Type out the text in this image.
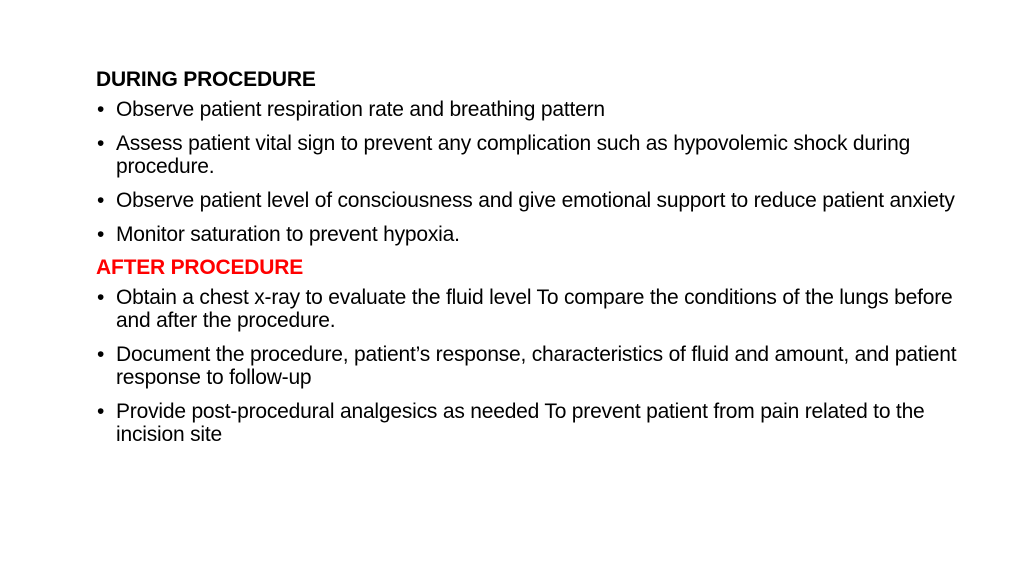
DURING PROCEDURE
• Observe patient respiration rate and breathing pattern
• Assess patient vital sign to prevent any complication such as hypovolemic shock during procedure.
• Observe patient level of consciousness and give emotional support to reduce patient anxiety
• Monitor saturation to prevent hypoxia.
AFTER PROCEDURE
• Obtain a chest x-ray to evaluate the fluid level To compare the conditions of the lungs before and after the procedure.
• Document the procedure, patient’s response, characteristics of fluid and amount, and patient response to follow-up
• Provide post-procedural analgesics as needed To prevent patient from pain related to the incision site
